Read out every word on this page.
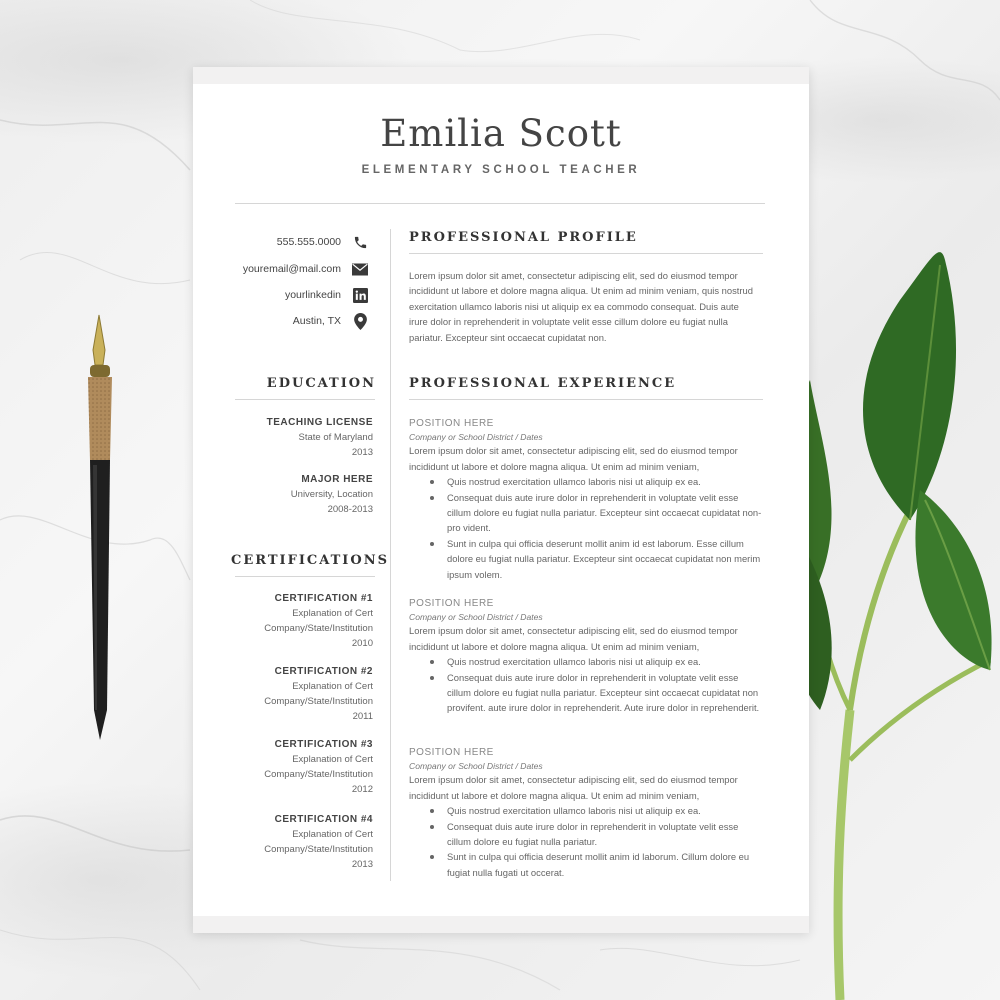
Emilia Scott
ELEMENTARY SCHOOL TEACHER
555.555.0000
youremail@mail.com
yourlinkedin
Austin, TX
EDUCATION
TEACHING LICENSE
State of Maryland
2013
MAJOR HERE
University, Location
2008-2013
CERTIFICATIONS
CERTIFICATION #1
Explanation of Cert
Company/State/Institution
2010
CERTIFICATION #2
Explanation of Cert
Company/State/Institution
2011
CERTIFICATION #3
Explanation of Cert
Company/State/Institution
2012
CERTIFICATION #4
Explanation of Cert
Company/State/Institution
2013
PROFESSIONAL PROFILE
Lorem ipsum dolor sit amet, consectetur adipiscing elit, sed do eiusmod tempor incididunt ut labore et dolore magna aliqua. Ut enim ad minim veniam, quis nostrud exercitation ullamco laboris nisi ut aliquip ex ea commodo consequat. Duis aute irure dolor in reprehenderit in voluptate velit esse cillum dolore eu fugiat nulla pariatur. Excepteur sint occaecat cupidatat non.
PROFESSIONAL EXPERIENCE
POSITION HERE
Company or School District / Dates
Lorem ipsum dolor sit amet, consectetur adipiscing elit, sed do eiusmod tempor incididunt ut labore et dolore magna aliqua. Ut enim ad minim veniam,
Quis nostrud exercitation ullamco laboris nisi ut aliquip ex ea.
Consequat duis aute irure dolor in reprehenderit in voluptate velit esse cillum dolore eu fugiat nulla pariatur. Excepteur sint occaecat cupidatat non-pro vident.
Sunt in culpa qui officia deserunt mollit anim id est laborum. Esse cillum dolore eu fugiat nulla pariatur. Excepteur sint occaecat cupidatat non merim ipsum volem.
POSITION HERE
Company or School District / Dates
Lorem ipsum dolor sit amet, consectetur adipiscing elit, sed do eiusmod tempor incididunt ut labore et dolore magna aliqua. Ut enim ad minim veniam,
Quis nostrud exercitation ullamco laboris nisi ut aliquip ex ea.
Consequat duis aute irure dolor in reprehenderit in voluptate velit esse cillum dolore eu fugiat nulla pariatur. Excepteur sint occaecat cupidatat non provifent. aute irure dolor in reprehenderit. Aute irure dolor in reprehenderit.
POSITION HERE
Company or School District / Dates
Lorem ipsum dolor sit amet, consectetur adipiscing elit, sed do eiusmod tempor incididunt ut labore et dolore magna aliqua. Ut enim ad minim veniam,
Quis nostrud exercitation ullamco laboris nisi ut aliquip ex ea.
Consequat duis aute irure dolor in reprehenderit in voluptate velit esse cillum dolore eu fugiat nulla pariatur.
Sunt in culpa qui officia deserunt mollit anim id laborum. Cillum dolore eu fugiat nulla fugati ut occerat.
